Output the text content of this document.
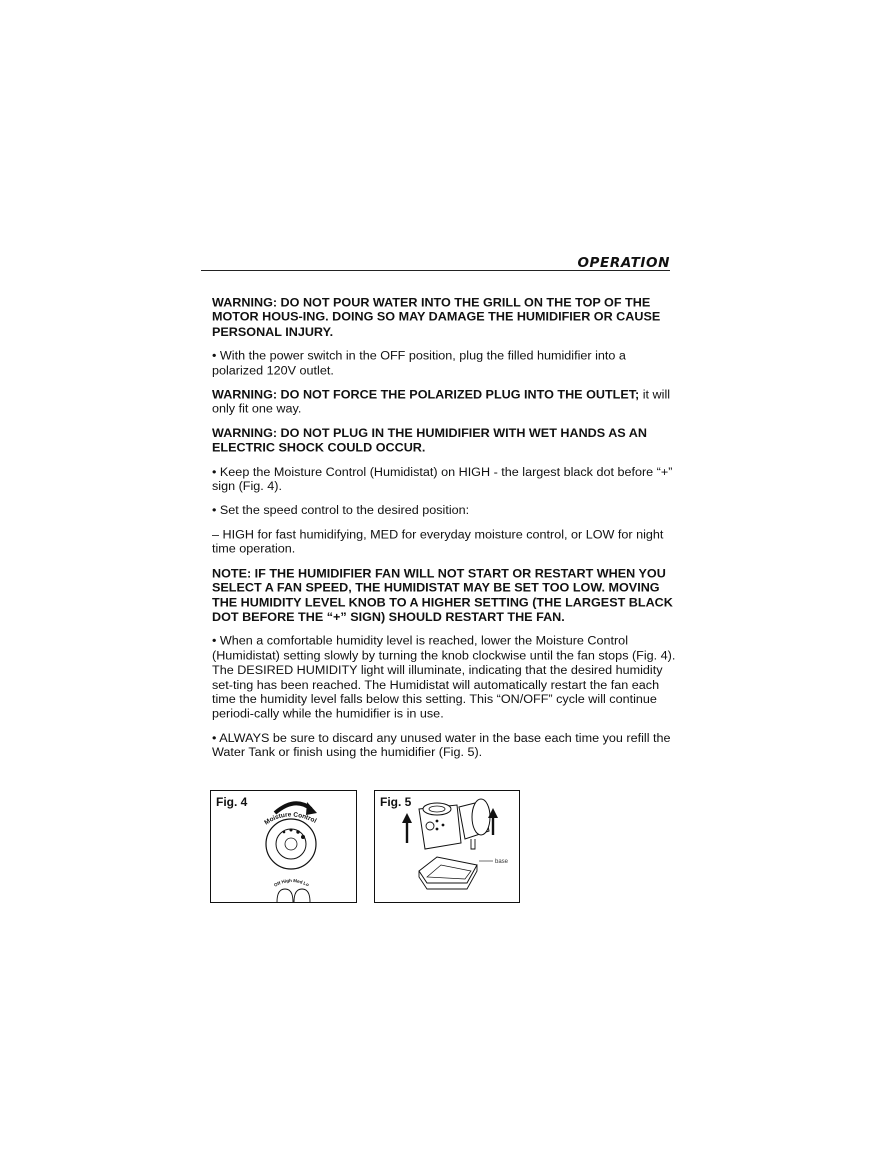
OPERATION

WARNING: DO NOT POUR WATER INTO THE GRILL ON THE TOP OF THE MOTOR HOUS-ING. DOING SO MAY DAMAGE THE HUMIDIFIER OR CAUSE PERSONAL INJURY.

• With the power switch in the OFF position, plug the filled humidifier into a polarized 120V outlet.

WARNING: DO NOT FORCE THE POLARIZED PLUG INTO THE OUTLET; it will only fit one way.

WARNING: DO NOT PLUG IN THE HUMIDIFIER WITH WET HANDS AS AN ELECTRIC SHOCK COULD OCCUR.

• Keep the Moisture Control (Humidistat) on HIGH - the largest black dot before “+” sign (Fig. 4).

• Set the speed control to the desired position:

– HIGH for fast humidifying, MED for everyday moisture control, or LOW for night time operation.

NOTE: IF THE HUMIDIFIER FAN WILL NOT START OR RESTART WHEN YOU SELECT A FAN SPEED, THE HUMIDISTAT MAY BE SET TOO LOW. MOVING THE HUMIDITY LEVEL KNOB TO A HIGHER SETTING (THE LARGEST BLACK DOT BEFORE THE “+” SIGN) SHOULD RESTART THE FAN.

• When a comfortable humidity level is reached, lower the Moisture Control (Humidistat) setting slowly by turning the knob clockwise until the fan stops (Fig. 4). The DESIRED HUMIDITY light will illuminate, indicating that the desired humidity set-ting has been reached. The Humidistat will automatically restart the fan each time the humidity level falls below this setting. This “ON/OFF” cycle will continue periodi-cally while the humidifier is in use.

• ALWAYS be sure to discard any unused water in the base each time you refill the Water Tank or finish using the humidifier (Fig. 5).

Fig. 4
Moisture Control
Off High Med Lo
Fig. 5
base
